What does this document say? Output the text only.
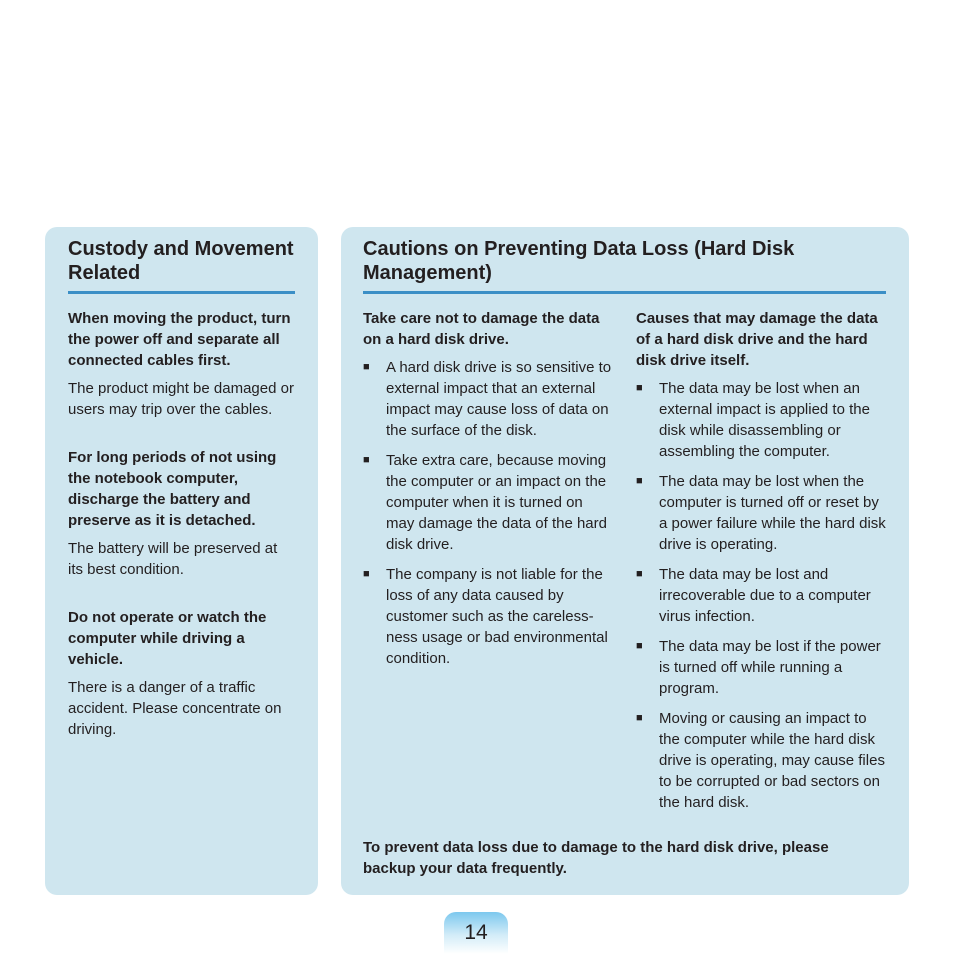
Custody and Movement Related

When moving the product, turn the power off and separate all connected cables first.

The product might be damaged or users may trip over the cables.

For long periods of not using the notebook computer, discharge the battery and preserve as it is detached.

The battery will be preserved at its best condition.

Do not operate or watch the computer while driving a vehicle.

There is a danger of a traffic accident. Please concentrate on driving.

Cautions on Preventing Data Loss (Hard Disk Management)

Take care not to damage the data on a hard disk drive.

■ A hard disk drive is so sensitive to external impact that an external impact may cause loss of data on the surface of the disk.
■ Take extra care, because moving the computer or an impact on the computer when it is turned on may damage the data of the hard disk drive.
■ The company is not liable for the loss of any data caused by customer such as the careless-ness usage or bad environmental condition.

Causes that may damage the data of a hard disk drive and the hard disk drive itself.

■ The data may be lost when an external impact is applied to the disk while disassembling or assembling the computer.
■ The data may be lost when the computer is turned off or reset by a power failure while the hard disk drive is operating.
■ The data may be lost and irrecoverable due to a computer virus infection.
■ The data may be lost if the power is turned off while running a program.
■ Moving or causing an impact to the computer while the hard disk drive is operating, may cause files to be corrupted or bad sectors on the hard disk.

To prevent data loss due to damage to the hard disk drive, please backup your data frequently.

14
